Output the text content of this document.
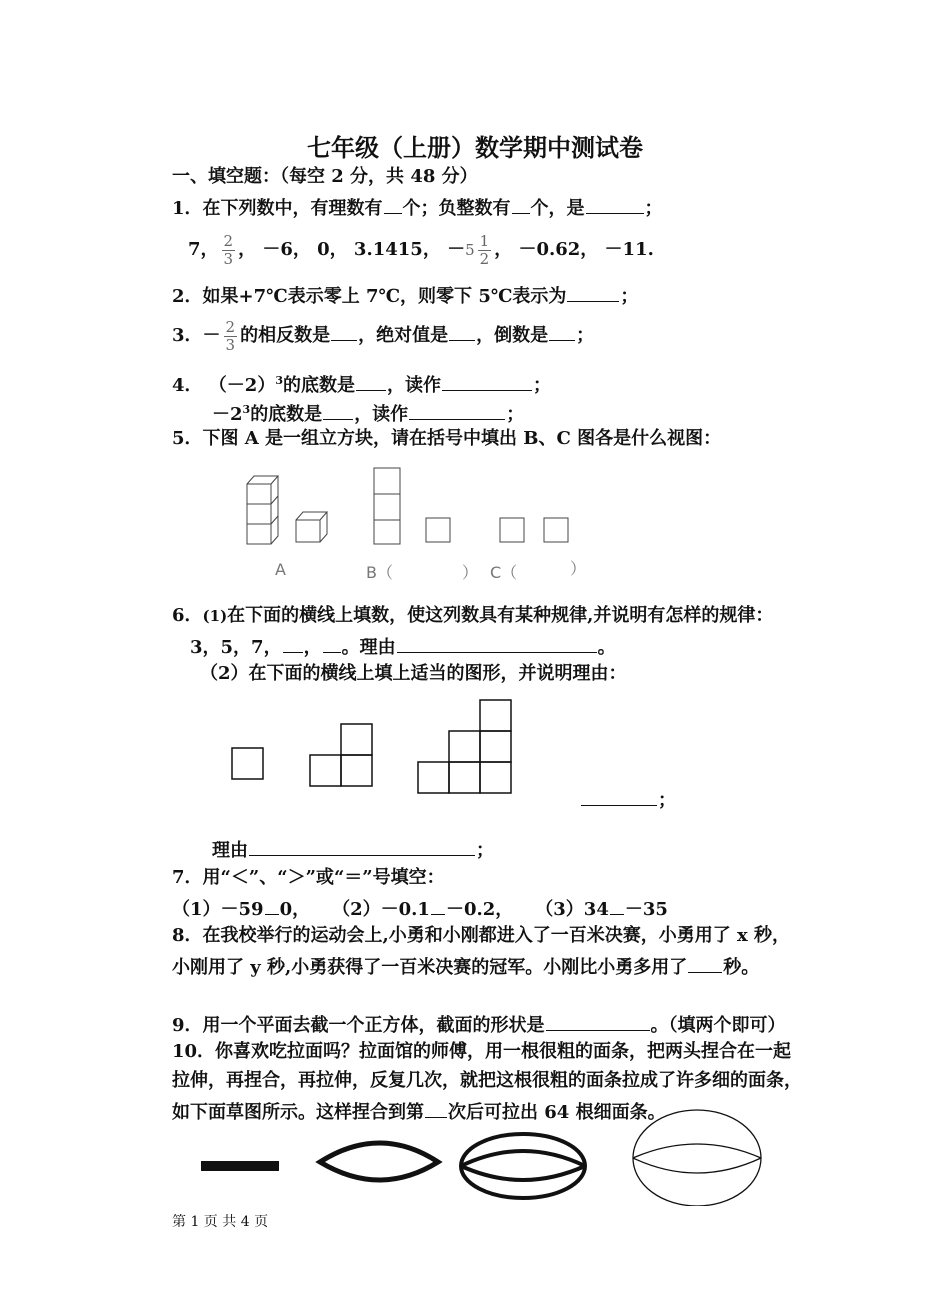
七年级（上册）数学期中测试卷
一、填空题：（每空 2 分，共 48 分）
1．在下列数中，有理数有 个；负整数有 个，是	；
7， $\frac{2}{3}$ ， －6， 0， 3.1415， $-5 \frac{1}{2}$ ， －0.62， －11.
2．如果+7℃表示零上 7℃，则零下 5℃表示为	；
3．－ $\frac{2}{3}$ 的相反数是 ，绝对值是 ，倒数是 ；
4． $(-2)^3$的底数是 ，读作	；
$-2^3$的底数是 ，读作	；
5．下图 A 是一组立方块，请在括号中填出 B、C 图各是什么视图：
A	B（	） C（	）
6．(1)在下面的横线上填数，使这列数具有某种规律,并说明有怎样的规律：
3，5，7， ， 。理由	。
（2）在下面的横线上填上适当的图形，并说明理由：
；
理由	；
7．用“＜”、“＞”或“＝”号填空：
（1）－59 0， （2）－0.1 －0.2， （3）34 －35
8．在我校举行的运动会上,小勇和小刚都进入了一百米决赛，小勇用了 x 秒，
小刚用了 y 秒,小勇获得了一百米决赛的冠军。小刚比小勇多用了 秒。
9．用一个平面去截一个正方体，截面的形状是	。（填两个即可）
10．你喜欢吃拉面吗？拉面馆的师傅，用一根很粗的面条，把两头捏合在一起
拉伸，再捏合，再拉伸，反复几次，就把这根很粗的面条拉成了许多细的面条，
如下面草图所示。这样捏合到第 次后可拉出 64 根细面条。
第 1 页 共 4 页
